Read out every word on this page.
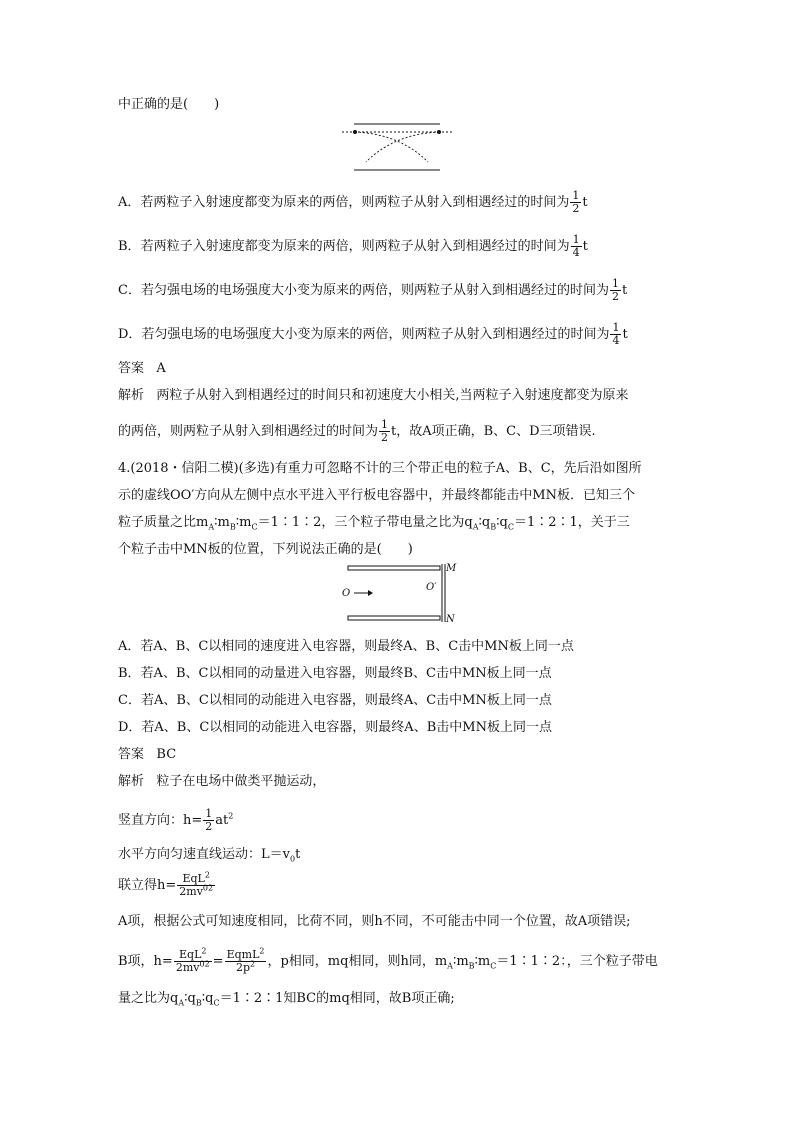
中正确的是(　　)
A．若两粒子入射速度都变为原来的两倍，则两粒子从射入到相遇经过的时间为 $\frac{1}{2}$ t
B．若两粒子入射速度都变为原来的两倍，则两粒子从射入到相遇经过的时间为 $\frac{1}{4}$ t
C．若匀强电场的电场强度大小变为原来的两倍，则两粒子从射入到相遇经过的时间为 $\frac{1}{2}$ t
D．若匀强电场的电场强度大小变为原来的两倍，则两粒子从射入到相遇经过的时间为 $\frac{1}{4}$ t
答案 A
解析 两粒子从射入到相遇经过的时间只和初速度大小相关,当两粒子入射速度都变为原来
的两倍，则两粒子从射入到相遇经过的时间为 $\frac{1}{2}$ t，故A项正确，B、C、D三项错误.
4.(2018・信阳二模)(多选)有重力可忽略不计的三个带正电的粒子A、B、C，先后沿如图所
示的虚线OO′方向从左侧中点水平进入平行板电容器中，并最终都能击中MN板．已知三个
粒子质量之比$m_A∶m_B∶m_C=1∶1∶2$，三个粒子带电量之比为$q_A∶q_B∶q_C=1∶2∶1$，关于三
个粒子击中MN板的位置，下列说法正确的是(　　)
O
O′
M
N
A．若A、B、C以相同的速度进入电容器，则最终A、B、C击中MN板上同一点
B．若A、B、C以相同的动量进入电容器，则最终B、C击中MN板上同一点
C．若A、B、C以相同的动能进入电容器，则最终A、C击中MN板上同一点
D．若A、B、C以相同的动能进入电容器，则最终A、B击中MN板上同一点
答案 BC
解析 粒子在电场中做类平抛运动，
竖直方向：$h= \frac{1}{2} at^2$
水平方向匀速直线运动：$L=v_0t$
联立得$h= \frac{EqL^2}{2mv^{02}}$
A项，根据公式可知速度相同，比荷不同，则h不同，不可能击中同一个位置，故A项错误;
B项，$h= \frac{EqL^2}{2mv^{02}} = \frac{EqmL^2}{2p^2}$ ，p相同，mq相同，则h同，$m_A∶m_B∶m_C=1∶1∶2$：，三个粒子带电
量之比为$q_A∶q_B∶q_C=1∶2∶1$知BC的mq相同，故B项正确;
